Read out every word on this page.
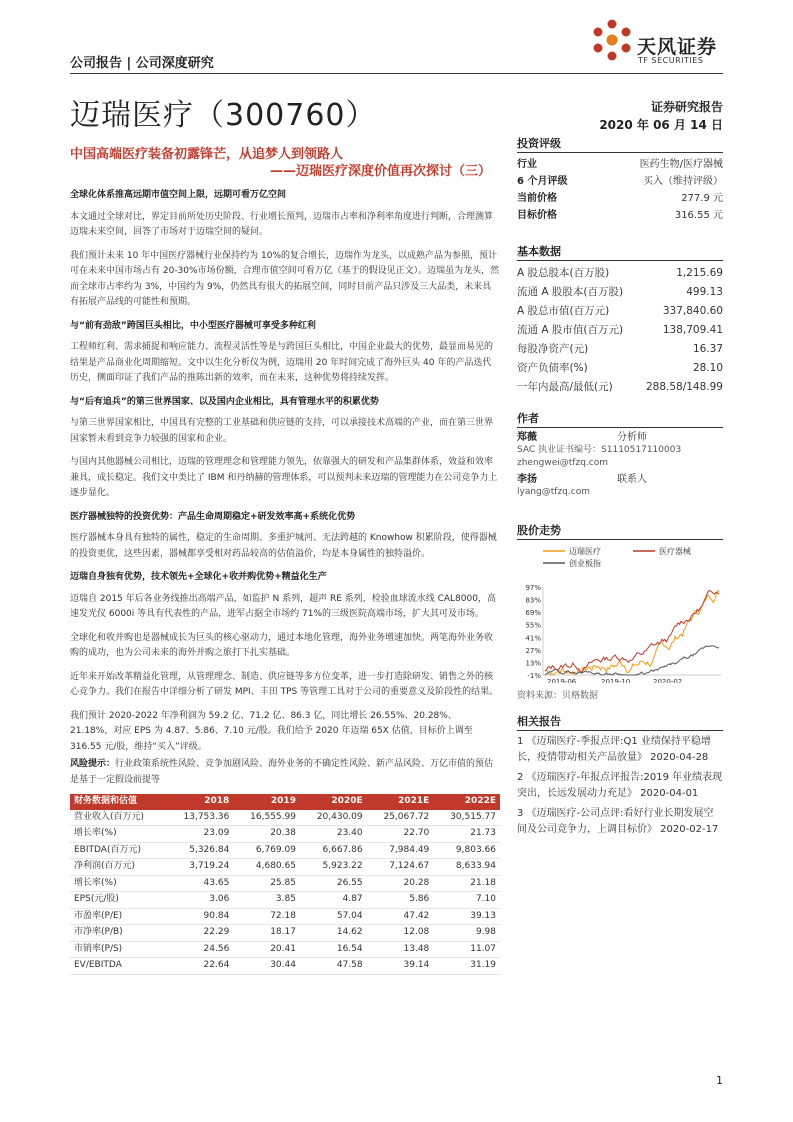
公司报告 | 公司深度研究
天风证券
TF SECURITIES
迈瑞医疗（300760）	证券研究报告
2020 年 06 月 14 日
中国高端医疗装备初露锋芒，从追梦人到领路人
——迈瑞医疗深度价值再次探讨（三）
全球化体系推高远期市值空间上限，远期可看万亿空间

本文通过全球对比，界定目前所处历史阶段、行业增长预判，迈瑞市占率和净利率角度进行判断，合理测算迈瑞未来空间，回答了市场对于迈瑞空间的疑问。

我们预计未来 10 年中国医疗器械行业保持约为 10%的复合增长，迈瑞作为龙头，以成熟产品为参照，预计可在未来中国市场占有 20-30%市场份额，合理市值空间可看万亿（基于的假设见正文）。迈瑞虽为龙头，然而全球市占率约为 3%，中国约为 9%，仍然具有很大的拓展空间，同时目前产品只涉及三大品类，未来具有拓展产品线的可能性和预期。

与“前有劲敌”跨国巨头相比，中小型医疗器械可享受多种红利

工程师红利、需求捕捉和响应能力、流程灵活性等是与跨国巨头相比，中国企业最大的优势，最显而易见的结果是产品商业化周期缩短。文中以生化分析仪为例，迈瑞用 20 年时间完成了海外巨头 40 年的产品迭代历史，侧面印证了我们产品的推陈出新的效率，而在未来，这种优势将持续发挥。

与“后有追兵”的第三世界国家、以及国内企业相比，具有管理水平的积累优势

与第三世界国家相比，中国具有完整的工业基础和供应链的支持，可以承接技术高端的产业，而在第三世界国家暂未看到竞争力较强的国家和企业。

与国内其他器械公司相比，迈瑞的管理理念和管理能力领先，依靠强大的研发和产品集群体系，效益和效率兼具，成长稳定。我们文中类比了 IBM 和丹纳赫的管理体系，可以预判未来迈瑞的管理能力在公司竞争力上逐步显化。

医疗器械独特的投资优势：产品生命周期稳定+研发效率高+系统化优势

医疗器械本身具有独特的属性，稳定的生命周期、多重护城河、无法跨越的 Knowhow 积累阶段，使得器械的投资更优，这些因素，器械都享受相对药品较高的估值溢价，均是本身属性的独特溢价。

迈瑞自身独有优势，技术领先+全球化+收并购优势+精益化生产

迈瑞自 2015 年后各业务线推出高端产品，如监护 N 系列，超声 RE 系列，检验血球流水线 CAL8000，高速发光仪 6000i 等具有代表性的产品，进军占据全市场约 71%的三级医院高端市场，扩大其可及市场。

全球化和收并购也是器械成长为巨头的核心驱动力，通过本地化管理，海外业务增速加快。两笔海外业务收购的成功，也为公司未来的海外并购之旅打下扎实基础。

近年来开始改革精益化管理，从管理理念、制造、供应链等多方位变革，进一步打造除研发、销售之外的核心竞争力。我们在报告中详细分析了研发 MPI、丰田 TPS 等管理工具对于公司的重要意义及阶段性的结果。

我们预计 2020-2022 年净利润为 59.2 亿、71.2 亿、86.3 亿，同比增长 26.55%、20.28%、21.18%，对应 EPS 为 4.87、5.86、7.10 元/股。我们给予 2020 年迈瑞 65X 估值，目标价上调至 316.55 元/股，维持“买入”评级。

风险提示：行业政策系统性风险、竞争加剧风险、海外业务的不确定性风险、新产品风险、万亿市值的预估是基于一定假设前提等
财务数据和估值	2018	2019	2020E	2021E	2022E
营业收入(百万元)	13,753.36	16,555.99	20,430.09	25,067.72	30,515.77
增长率(%)	23.09	20.38	23.40	22.70	21.73
EBITDA(百万元)	5,326.84	6,769.09	6,667.86	7,984.49	9,803.66
净利润(百万元)	3,719.24	4,680.65	5,923.22	7,124.67	8,633.94
增长率(%)	43.65	25.85	26.55	20.28	21.18
EPS(元/股)	3.06	3.85	4.87	5.86	7.10
市盈率(P/E)	90.84	72.18	57.04	47.42	39.13
市净率(P/B)	22.29	18.17	14.62	12.08	9.98
市销率(P/S)	24.56	20.41	16.54	13.48	11.07
EV/EBITDA	22.64	30.44	47.58	39.14	31.19
投资评级
行业	医药生物/医疗器械
6 个月评级	买入（维持评级）
当前价格	277.9 元
目标价格	316.55 元
基本数据
A 股总股本(百万股)	1,215.69
流通 A 股股本(百万股)	499.13
A 股总市值(百万元)	337,840.60
流通 A 股市值(百万元)	138,709.41
每股净资产(元)	16.37
资产负债率(%)	28.10
一年内最高/最低(元)	288.58/148.99
作者
郑薇	分析师
SAC 执业证书编号：S1110517110003
zhengwei@tfzq.com
李扬	联系人
lyang@tfzq.com
股价走势
迈瑞医疗	医疗器械
创业板指
97%
83%
69%
55%
41%
27%
13%
-1%
2019-06	2019-10	2020-02
资料来源：贝格数据
相关报告

1 《迈瑞医疗-季报点评:Q1 业绩保持平稳增长，疫情带动相关产品放量》 2020-04-28

2 《迈瑞医疗-年报点评报告:2019 年业绩表现突出，长远发展动力充足》 2020-04-01

3 《迈瑞医疗-公司点评:看好行业长期发展空间及公司竞争力，上调目标价》 2020-02-17

1
